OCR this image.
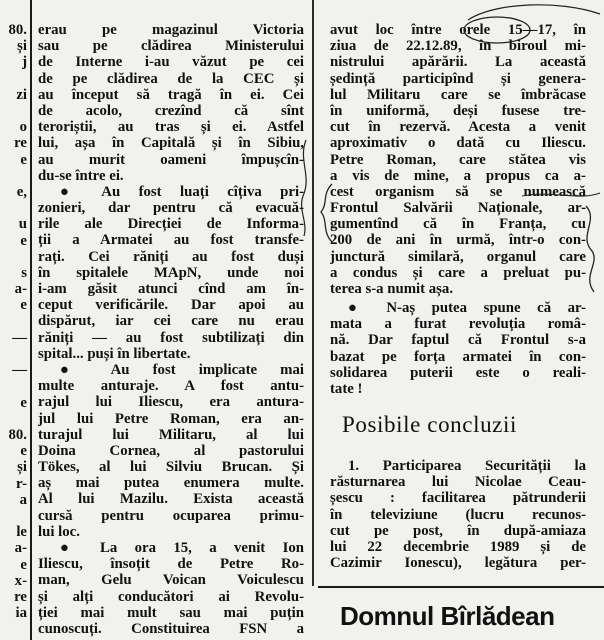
80.
și
j
zi
o
re
e
e,
u
e
s
a-
e
—
—
e
80.
e
și
r-
a
le
a-
e
x-
re
ia
erau pe magazinul Victoria
sau pe clădirea Ministerului
de Interne i-au văzut pe cei
de pe clădirea de la CEC și
au început să tragă în ei. Cei
de acolo, crezînd că sînt
teroriștii, au tras și ei. Astfel
lui, așa în Capitală și în Sibiu,
au murit oameni împușcîn-
du-se între ei.
● Au fost luați cîțiva pri-
zonieri, dar pentru că evacuă-
rile ale Direcției de Informa-
ții a Armatei au fost transfe-
rați. Cei răniți au fost duși
în spitalele MApN, unde noi
i-am găsit atunci cînd am în-
ceput verificările. Dar apoi au
dispărut, iar cei care nu erau
răniți — au fost subtilizați din
spital... puși în libertate.
● Au fost implicate mai
multe anturaje. A fost antu-
rajul lui Iliescu, era antura-
jul lui Petre Roman, era an-
turajul lui Militaru, al lui
Doina Cornea, al pastorului
Tökes, al lui Silviu Brucan. Și
aș mai putea enumera multe.
Al lui Mazilu. Exista această
cursă pentru ocuparea primu-
lui loc.
● La ora 15, a venit Ion
Iliescu, însoțit de Petre Ro-
man, Gelu Voican Voiculescu
și alți conducători ai Revolu-
ției mai mult sau mai puțin
cunoscuți. Constituirea FSN a
avut loc între orele 15—17, în
ziua de 22.12.89, în biroul mi-
nistrului apărării. La această
ședință participînd și genera-
lul Militaru care se îmbrăcase
în uniformă, deși fusese tre-
cut în rezervă. Acesta a venit
aproximativ o dată cu Iliescu.
Petre Roman, care stătea vis
a vis de mine, a propus ca a-
cest organism să se numească
Frontul Salvării Naționale, ar-
gumentînd că în Franța, cu
200 de ani în urmă, într-o con-
junctură similară, organul care
a condus și care a preluat pu-
terea s-a numit așa.
● N-aș putea spune că ar-
mata a furat revoluția româ-
nă. Dar faptul că Frontul s-a
bazat pe forța armatei în con-
solidarea puterii este o reali-
tate !
Posibile concluzii
1. Participarea Securității la
răsturnarea lui Nicolae Ceau-
șescu : facilitarea pătrunderii
în televiziune (lucru recunos-
cut pe post, în după-amiaza
lui 22 decembrie 1989 și de
Cazimir Ionescu), legătura per-
Domnul Bîrlădean
